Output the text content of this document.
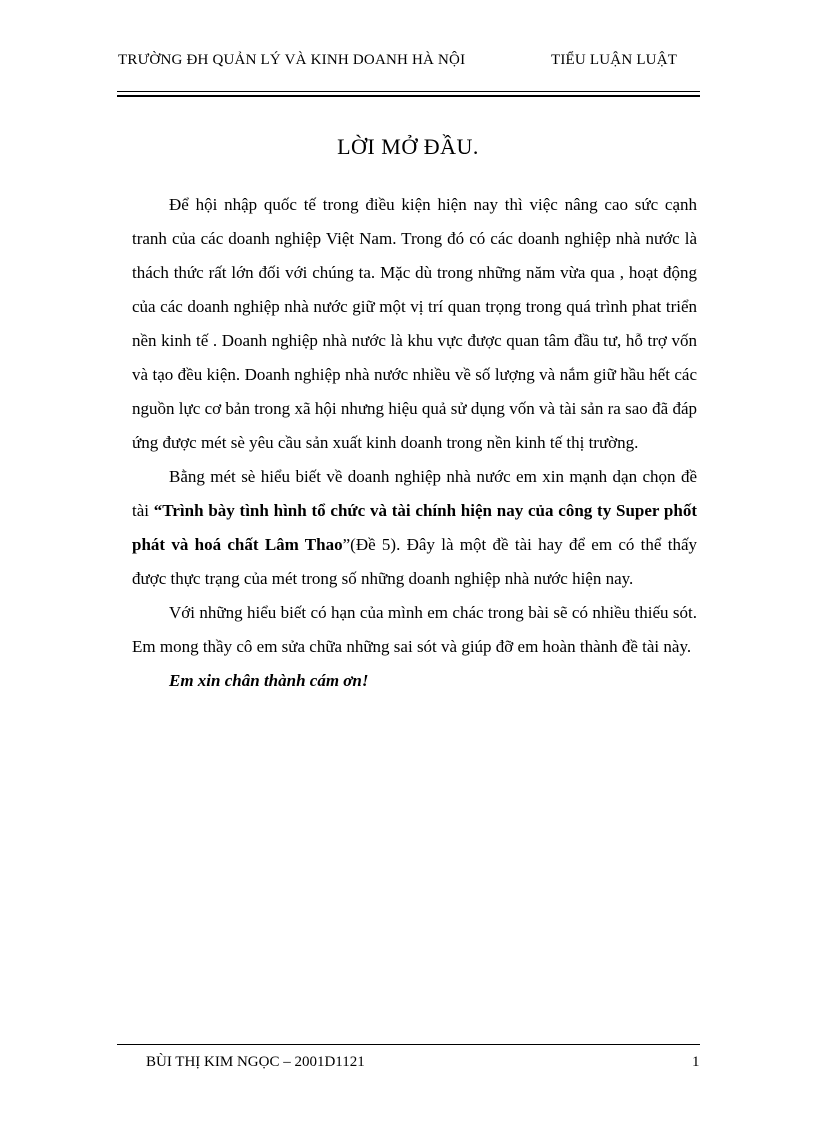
TRƯỜNG ĐH QUẢN LÝ VÀ KINH DOANH HÀ NỘI	TIỂU LUẬN LUẬT
LỜI MỞ ĐẦU.

Để hội nhập quốc tế trong điều kiện hiện nay thì việc nâng cao sức cạnh tranh của các doanh nghiệp Việt Nam. Trong đó có các doanh nghiệp nhà nước là thách thức rất lớn đối với chúng ta. Mặc dù trong những năm vừa qua , hoạt động của các doanh nghiệp nhà nước giữ một vị trí quan trọng trong quá trình phat triển nền kinh tế . Doanh nghiệp nhà nước là khu vực được quan tâm đầu tư, hỗ trợ vốn và tạo đều kiện. Doanh nghiệp nhà nước nhiều về số lượng và nắm giữ hầu hết các nguồn lực cơ bản trong xã hội nhưng hiệu quả sử dụng vốn và tài sản ra sao đã đáp ứng được mét sè yêu cầu sản xuất kinh doanh trong nền kinh tế thị trường.

Bằng mét sè hiểu biết về doanh nghiệp nhà nước em xin mạnh dạn chọn đề tài “Trình bày tình hình tổ chức và tài chính hiện nay của công ty Super phốt phát và hoá chất Lâm Thao”(Đề 5). Đây là một đề tài hay để em có thể thấy được thực trạng của mét trong số những doanh nghiệp nhà nước hiện nay.

Với những hiểu biết có hạn của mình em chác trong bài sẽ có nhiều thiếu sót. Em mong thầy cô em sửa chữa những sai sót và giúp đỡ em hoàn thành đề tài này.

Em xin chân thành cám ơn!

BÙI THỊ KIM NGỌC – 2001D1121	1
